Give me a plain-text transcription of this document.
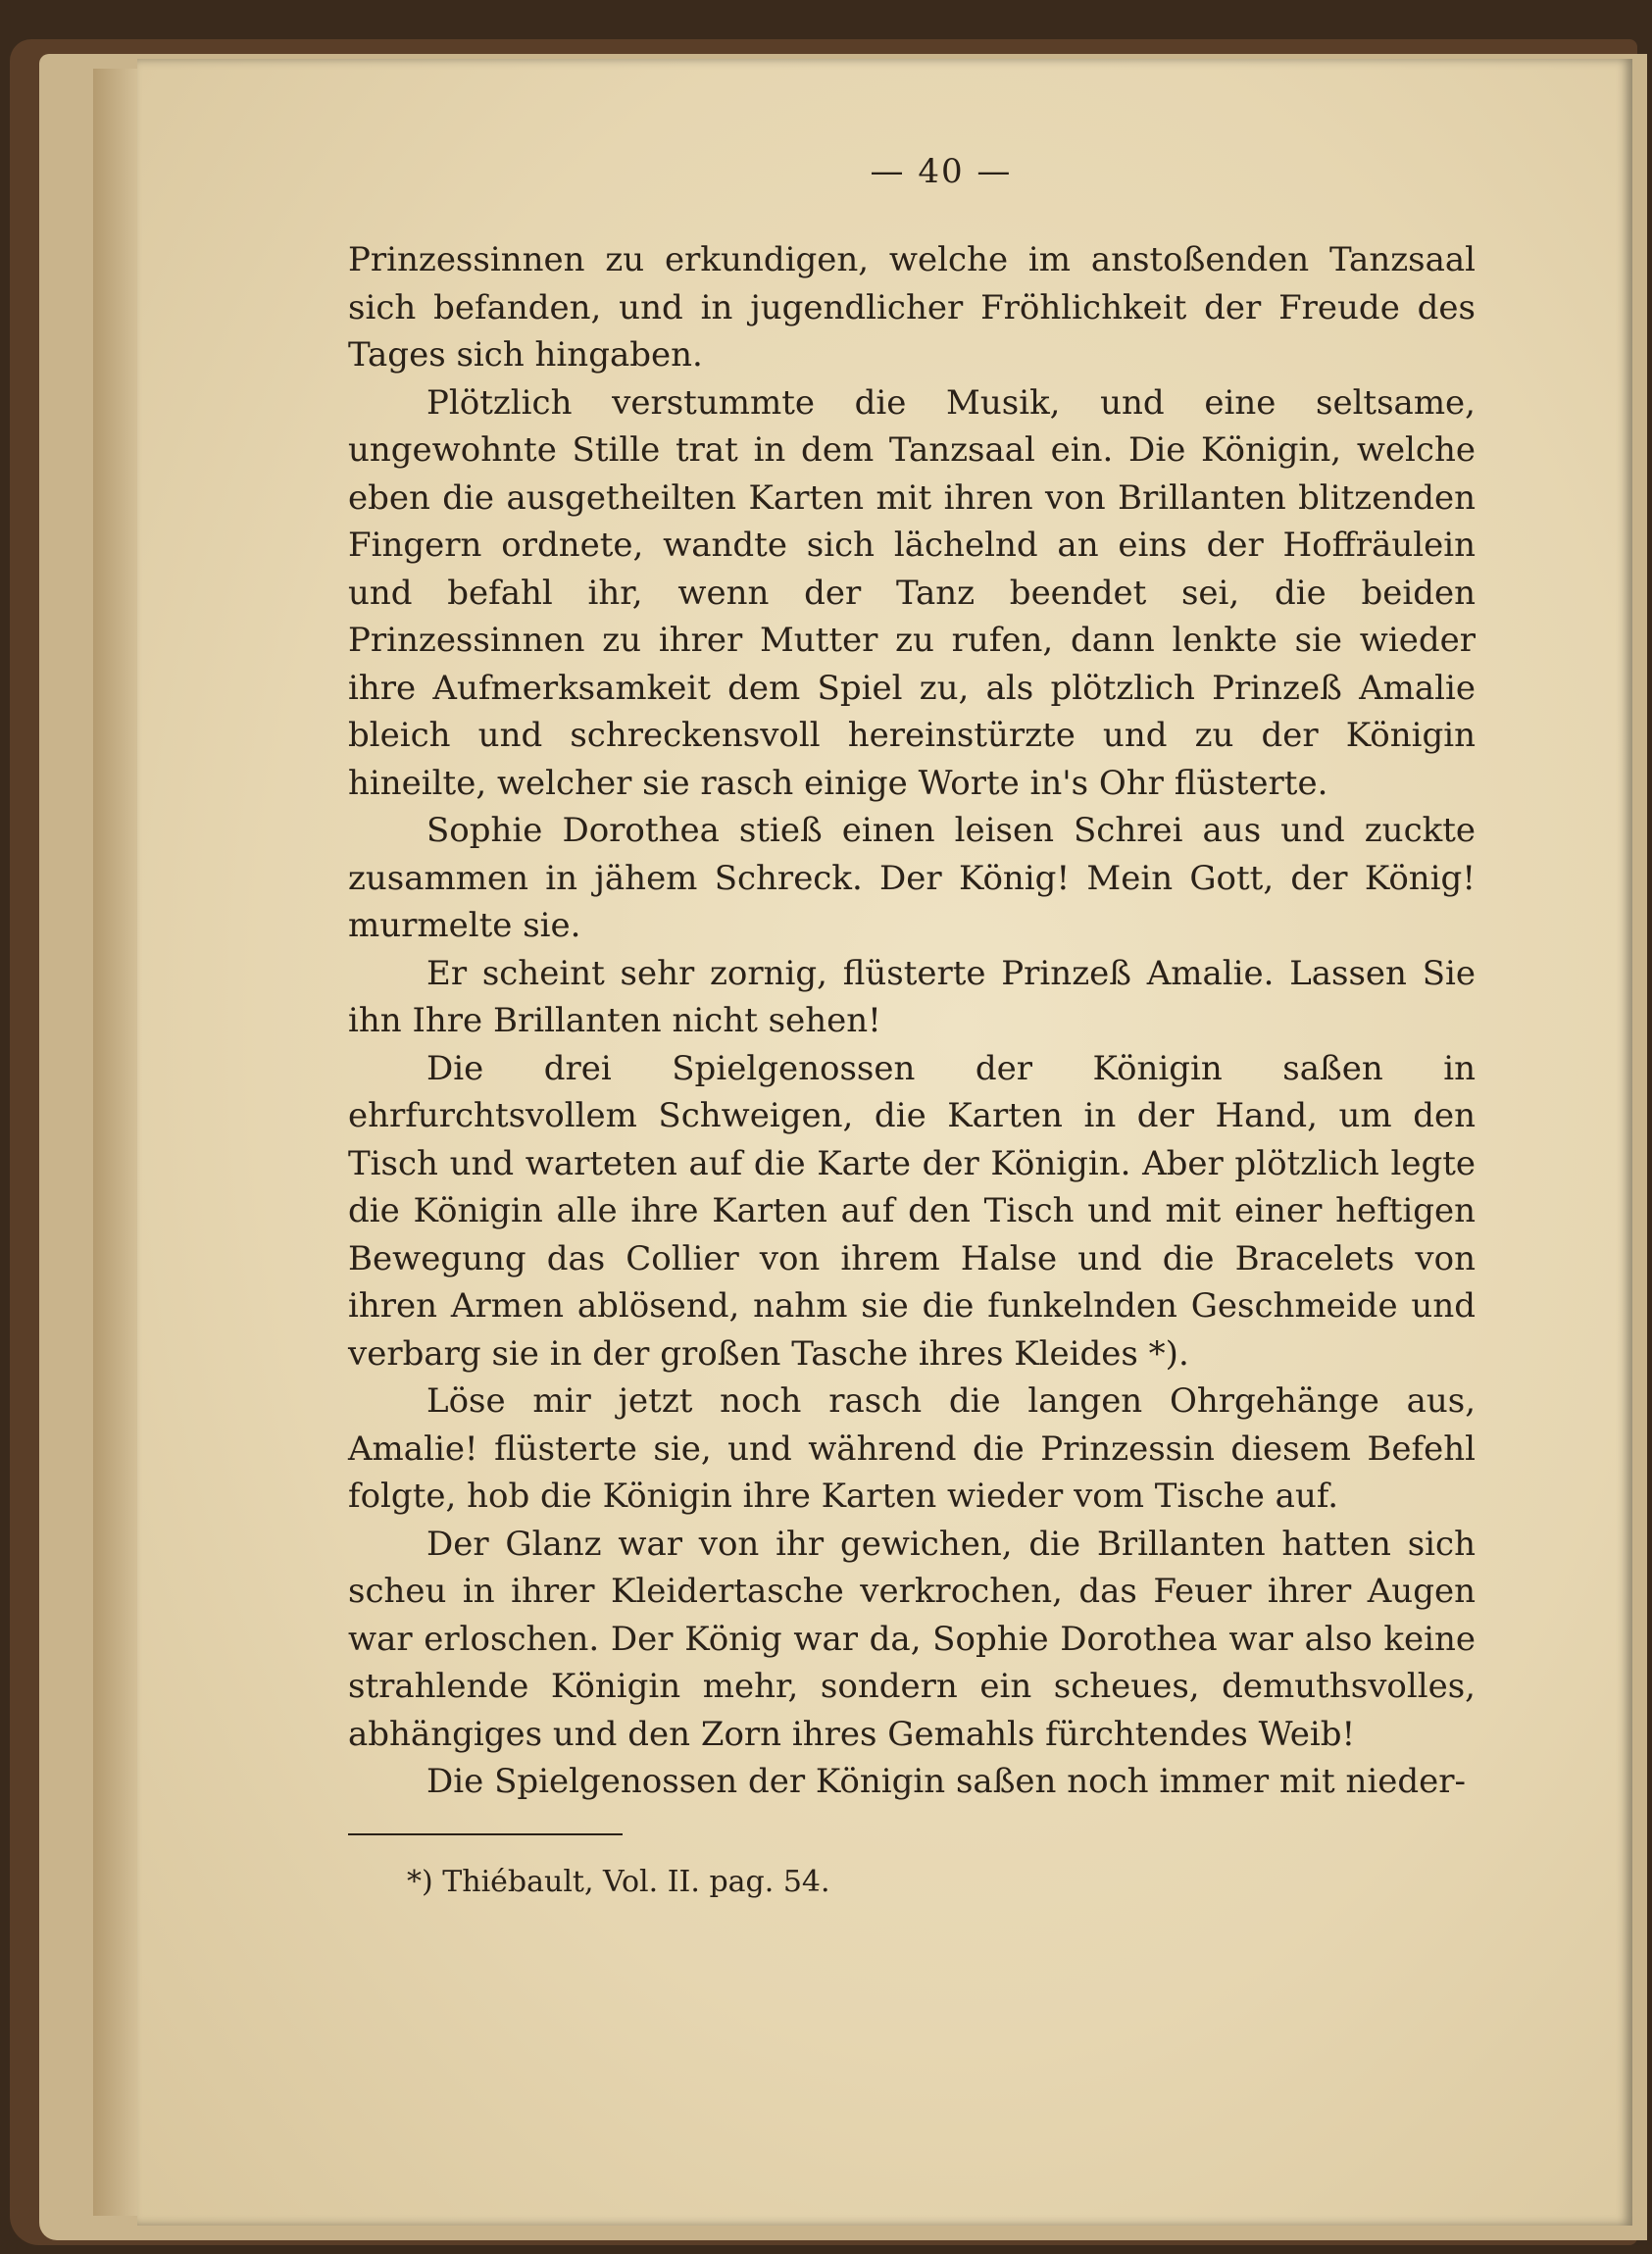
— 40 —

Prinzessinnen zu erkundigen, welche im anstoßenden Tanzsaal sich befanden, und in jugendlicher Fröhlichkeit der Freude des Tages sich hingaben.

Plötzlich verstummte die Musik, und eine seltsame, ungewohnte Stille trat in dem Tanzsaal ein. Die Königin, welche eben die ausgetheilten Karten mit ihren von Brillanten blitzenden Fingern ordnete, wandte sich lächelnd an eins der Hoffräulein und befahl ihr, wenn der Tanz beendet sei, die beiden Prinzessinnen zu ihrer Mutter zu rufen, dann lenkte sie wieder ihre Aufmerksamkeit dem Spiel zu, als plötzlich Prinzeß Amalie bleich und schreckensvoll hereinstürzte und zu der Königin hineilte, welcher sie rasch einige Worte in's Ohr flüsterte.

Sophie Dorothea stieß einen leisen Schrei aus und zuckte zusammen in jähem Schreck. Der König! Mein Gott, der König! murmelte sie.

Er scheint sehr zornig, flüsterte Prinzeß Amalie. Lassen Sie ihn Ihre Brillanten nicht sehen!

Die drei Spielgenossen der Königin saßen in ehrfurchtsvollem Schweigen, die Karten in der Hand, um den Tisch und warteten auf die Karte der Königin. Aber plötzlich legte die Königin alle ihre Karten auf den Tisch und mit einer heftigen Bewegung das Collier von ihrem Halse und die Bracelets von ihren Armen ablösend, nahm sie die funkelnden Geschmeide und verbarg sie in der großen Tasche ihres Kleides *).

Löse mir jetzt noch rasch die langen Ohrgehänge aus, Amalie! flüsterte sie, und während die Prinzessin diesem Befehl folgte, hob die Königin ihre Karten wieder vom Tische auf.

Der Glanz war von ihr gewichen, die Brillanten hatten sich scheu in ihrer Kleidertasche verkrochen, das Feuer ihrer Augen war erloschen. Der König war da, Sophie Dorothea war also keine strahlende Königin mehr, sondern ein scheues, demuthsvolles, abhängiges und den Zorn ihres Gemahls fürchtendes Weib!

Die Spielgenossen der Königin saßen noch immer mit nieder-

*) Thiébault, Vol. II. pag. 54.
